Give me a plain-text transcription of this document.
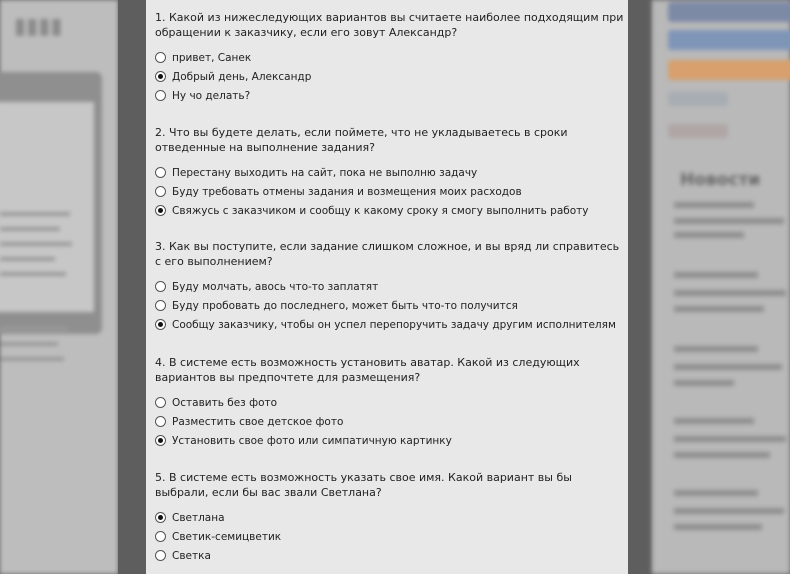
▮▮▮▮	1. Какой из нижеследующих вариантов вы считаете наиболее подходящим при обращении к заказчику, если его зовут Александр?
привет, Санек
Добрый день, Александр
Ну чо делать?
2. Что вы будете делать, если поймете, что не укладываетесь в сроки отведенные на выполнение задания?
Перестану выходить на сайт, пока не выполню задачу
Буду требовать отмены задания и возмещения моих расходов
Свяжусь с заказчиком и сообщу к какому сроку я смогу выполнить работу
3. Как вы поступите, если задание слишком сложное, и вы вряд ли справитесь с его выполнением?
Буду молчать, авось что-то заплатят
Буду пробовать до последнего, может быть что-то получится
Сообщу заказчику, чтобы он успел перепоручить задачу другим исполнителям
4. В системе есть возможность установить аватар. Какой из следующих вариантов вы предпочтете для размещения?
Оставить без фото
Разместить свое детское фото
Установить свое фото или симпатичную картинку
5. В системе есть возможность указать свое имя. Какой вариант вы бы выбрали, если бы вас звали Светлана?
Светлана
Светик-семицветик
Светка
Новости
